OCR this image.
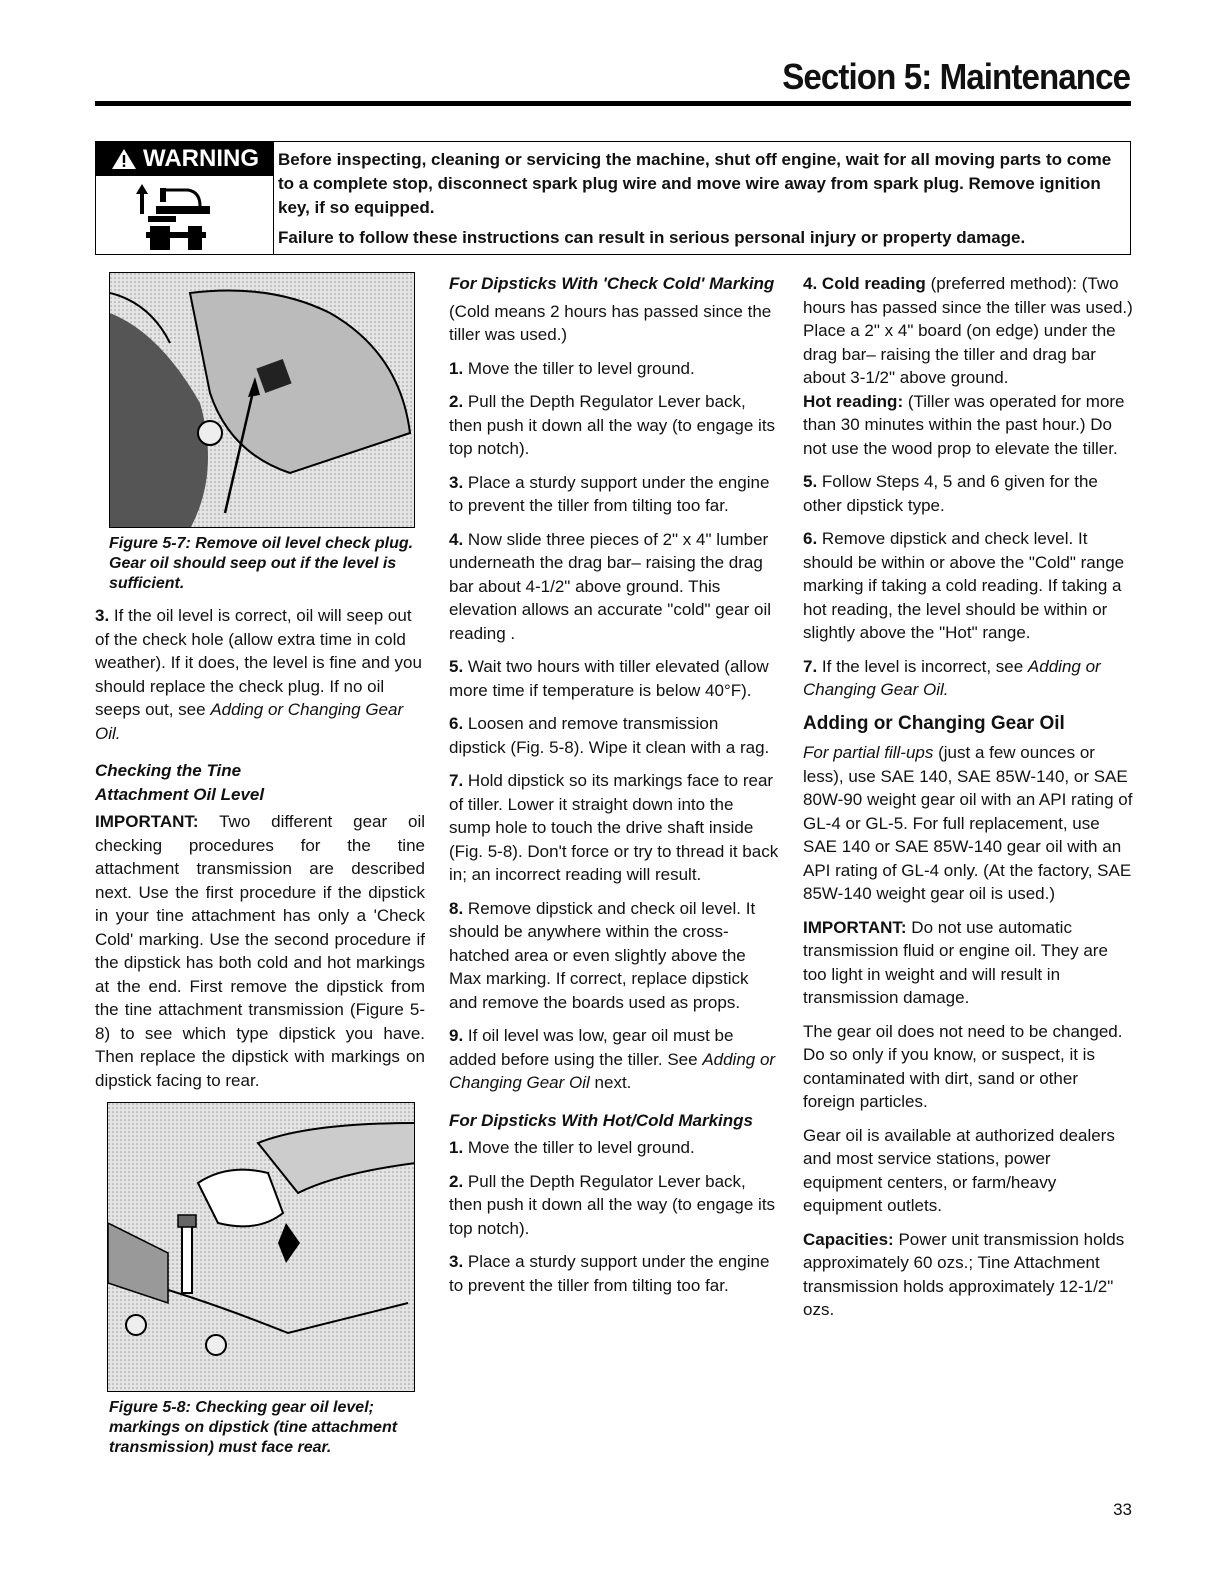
Section 5: Maintenance
WARNING Before inspecting, cleaning or servicing the machine, shut off engine, wait for all moving parts to come to a complete stop, disconnect spark plug wire and move wire away from spark plug. Remove ignition key, if so equipped.

Failure to follow these instructions can result in serious personal injury or property damage.

Figure 5-7: Remove oil level check plug. Gear oil should seep out if the level is sufficient.

3. If the oil level is correct, oil will seep out of the check hole (allow extra time in cold weather). If it does, the level is fine and you should replace the check plug. If no oil seeps out, see Adding or Changing Gear Oil.

Checking the Tine
Attachment Oil Level

IMPORTANT: Two different gear oil checking procedures for the tine attachment transmission are described next. Use the first procedure if the dipstick in your tine attachment has only a 'Check Cold' marking. Use the second procedure if the dipstick has both cold and hot markings at the end. First remove the dipstick from the tine attachment transmission (Figure 5-8) to see which type dipstick you have. Then replace the dipstick with markings on dipstick facing to rear.

Figure 5-8: Checking gear oil level; markings on dipstick (tine attachment transmission) must face rear.
For Dipsticks With 'Check Cold' Marking

(Cold means 2 hours has passed since the tiller was used.)

1. Move the tiller to level ground.

2. Pull the Depth Regulator Lever back, then push it down all the way (to engage its top notch).

3. Place a sturdy support under the engine to prevent the tiller from tilting too far.

4. Now slide three pieces of 2" x 4" lumber underneath the drag bar– raising the drag bar about 4-1/2" above ground. This elevation allows an accurate "cold" gear oil reading .

5. Wait two hours with tiller elevated (allow more time if temperature is below 40°F).

6. Loosen and remove transmission dipstick (Fig. 5-8). Wipe it clean with a rag.

7. Hold dipstick so its markings face to rear of tiller. Lower it straight down into the sump hole to touch the drive shaft inside (Fig. 5-8). Don't force or try to thread it back in; an incorrect reading will result.

8. Remove dipstick and check oil level. It should be anywhere within the cross-hatched area or even slightly above the Max marking. If correct, replace dipstick and remove the boards used as props.

9. If oil level was low, gear oil must be added before using the tiller. See Adding or Changing Gear Oil next.

For Dipsticks With Hot/Cold Markings

1. Move the tiller to level ground.

2. Pull the Depth Regulator Lever back, then push it down all the way (to engage its top notch).

3. Place a sturdy support under the engine to prevent the tiller from tilting too far.

4. Cold reading (preferred method): (Two hours has passed since the tiller was used.) Place a 2" x 4" board (on edge) under the drag bar– raising the tiller and drag bar about 3-1/2" above ground.
Hot reading: (Tiller was operated for more than 30 minutes within the past hour.) Do not use the wood prop to elevate the tiller.

5. Follow Steps 4, 5 and 6 given for the other dipstick type.

6. Remove dipstick and check level. It should be within or above the "Cold" range marking if taking a cold reading. If taking a hot reading, the level should be within or slightly above the "Hot" range.

7. If the level is incorrect, see Adding or Changing Gear Oil.

Adding or Changing Gear Oil

For partial fill-ups (just a few ounces or less), use SAE 140, SAE 85W-140, or SAE 80W-90 weight gear oil with an API rating of GL-4 or GL-5. For full replacement, use SAE 140 or SAE 85W-140 gear oil with an API rating of GL-4 only. (At the factory, SAE 85W-140 weight gear oil is used.)

IMPORTANT: Do not use automatic transmission fluid or engine oil. They are too light in weight and will result in transmission damage.

The gear oil does not need to be changed. Do so only if you know, or suspect, it is contaminated with dirt, sand or other foreign particles.

Gear oil is available at authorized dealers and most service stations, power equipment centers, or farm/heavy equipment outlets.

Capacities: Power unit transmission holds approximately 60 ozs.; Tine Attachment transmission holds approximately 12-1/2" ozs.

33
